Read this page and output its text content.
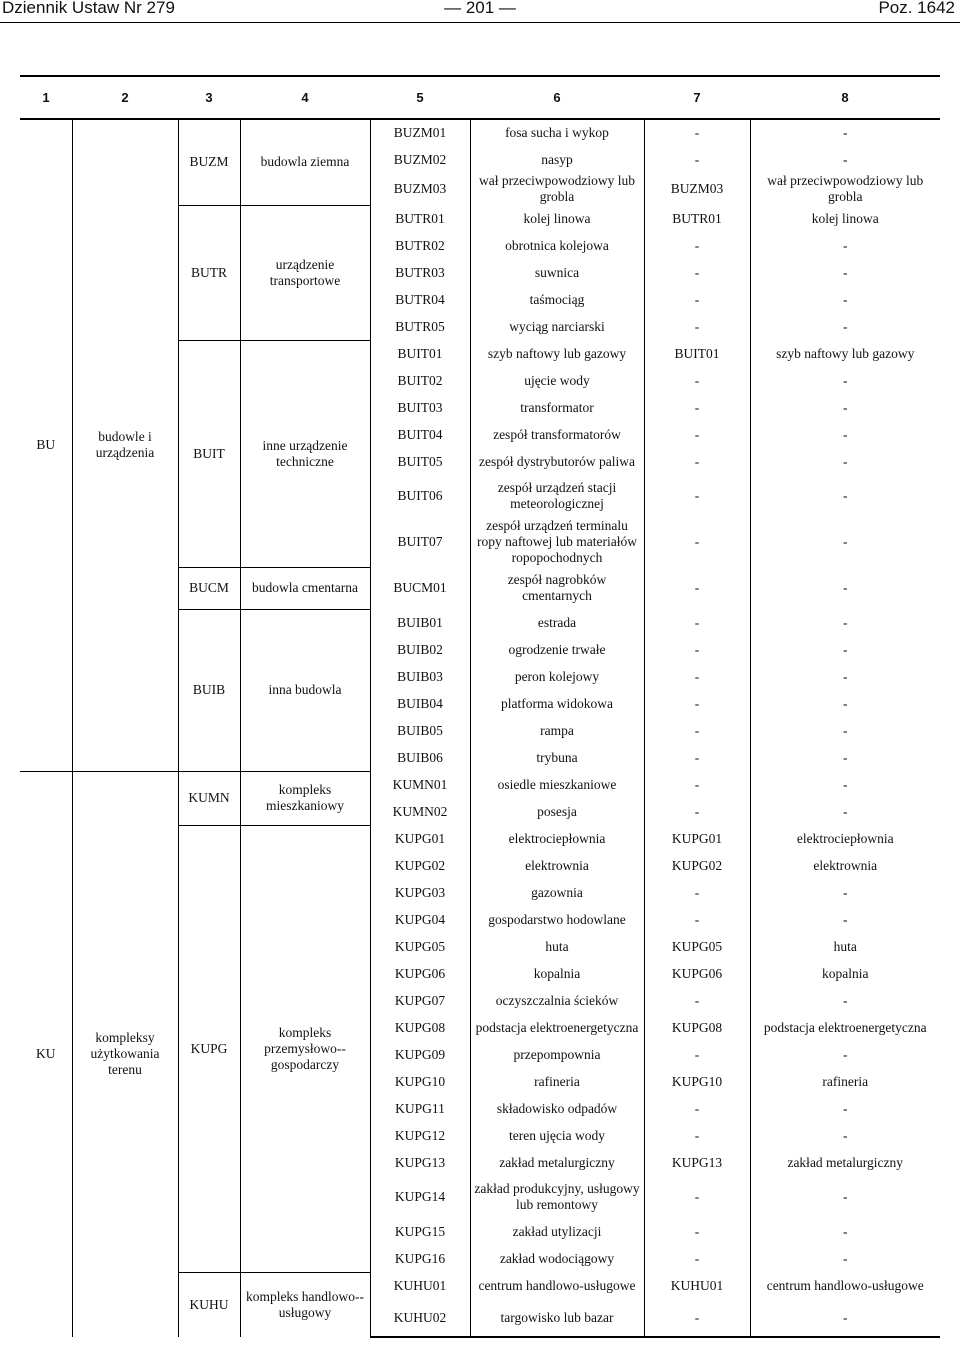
Dziennik Ustaw Nr 279	— 201 —	Poz. 1642
1	2	3	4	5	6	7	8
BU	budowle i urządzenia	BUZM	budowla ziemna	BUZM01	fosa sucha i wykop	-	-
				BUZM02	nasyp	-	-
				BUZM03	wał przeciwpowodziowy lub grobla	BUZM03	wał przeciwpowodziowy lub grobla
		BUTR	urządzenie transportowe	BUTR01	kolej linowa	BUTR01	kolej linowa
				BUTR02	obrotnica kolejowa	-	-
				BUTR03	suwnica	-	-
				BUTR04	taśmociąg	-	-
				BUTR05	wyciąg narciarski	-	-
		BUIT	inne urządzenie techniczne	BUIT01	szyb naftowy lub gazowy	BUIT01	szyb naftowy lub gazowy
				BUIT02	ujęcie wody	-	-
				BUIT03	transformator	-	-
				BUIT04	zespół transformatorów	-	-
				BUIT05	zespół dystrybutorów paliwa	-	-
				BUIT06	zespół urządzeń stacji meteorologicznej	-	-
				BUIT07	zespół urządzeń terminalu ropy naftowej lub materiałów ropopochodnych	-	-
		BUCM	budowla cmentarna	BUCM01	zespół nagrobków cmentarnych	-	-
		BUIB	inna budowla	BUIB01	estrada	-	-
				BUIB02	ogrodzenie trwałe	-	-
				BUIB03	peron kolejowy	-	-
				BUIB04	platforma widokowa	-	-
				BUIB05	rampa	-	-
				BUIB06	trybuna	-	-
KU	kompleksy użytkowania terenu	KUMN	kompleks mieszkaniowy	KUMN01	osiedle mieszkaniowe	-	-
				KUMN02	posesja	-	-
		KUPG	kompleks przemysłowo--gospodarczy	KUPG01	elektrociepłownia	KUPG01	elektrociepłownia
				KUPG02	elektrownia	KUPG02	elektrownia
				KUPG03	gazownia	-	-
				KUPG04	gospodarstwo hodowlane	-	-
				KUPG05	huta	KUPG05	huta
				KUPG06	kopalnia	KUPG06	kopalnia
				KUPG07	oczyszczalnia ścieków	-	-
				KUPG08	podstacja elektroenergetyczna	KUPG08	podstacja elektroenergetyczna
				KUPG09	przepompownia	-	-
				KUPG10	rafineria	KUPG10	rafineria
				KUPG11	składowisko odpadów	-	-
				KUPG12	teren ujęcia wody	-	-
				KUPG13	zakład metalurgiczny	KUPG13	zakład metalurgiczny
				KUPG14	zakład produkcyjny, usługowy lub remontowy	-	-
				KUPG15	zakład utylizacji	-	-
				KUPG16	zakład wodociągowy	-	-
		KUHU	kompleks handlowo--usługowy	KUHU01	centrum handlowo-usługowe	KUHU01	centrum handlowo-usługowe
				KUHU02	targowisko lub bazar	-	-
